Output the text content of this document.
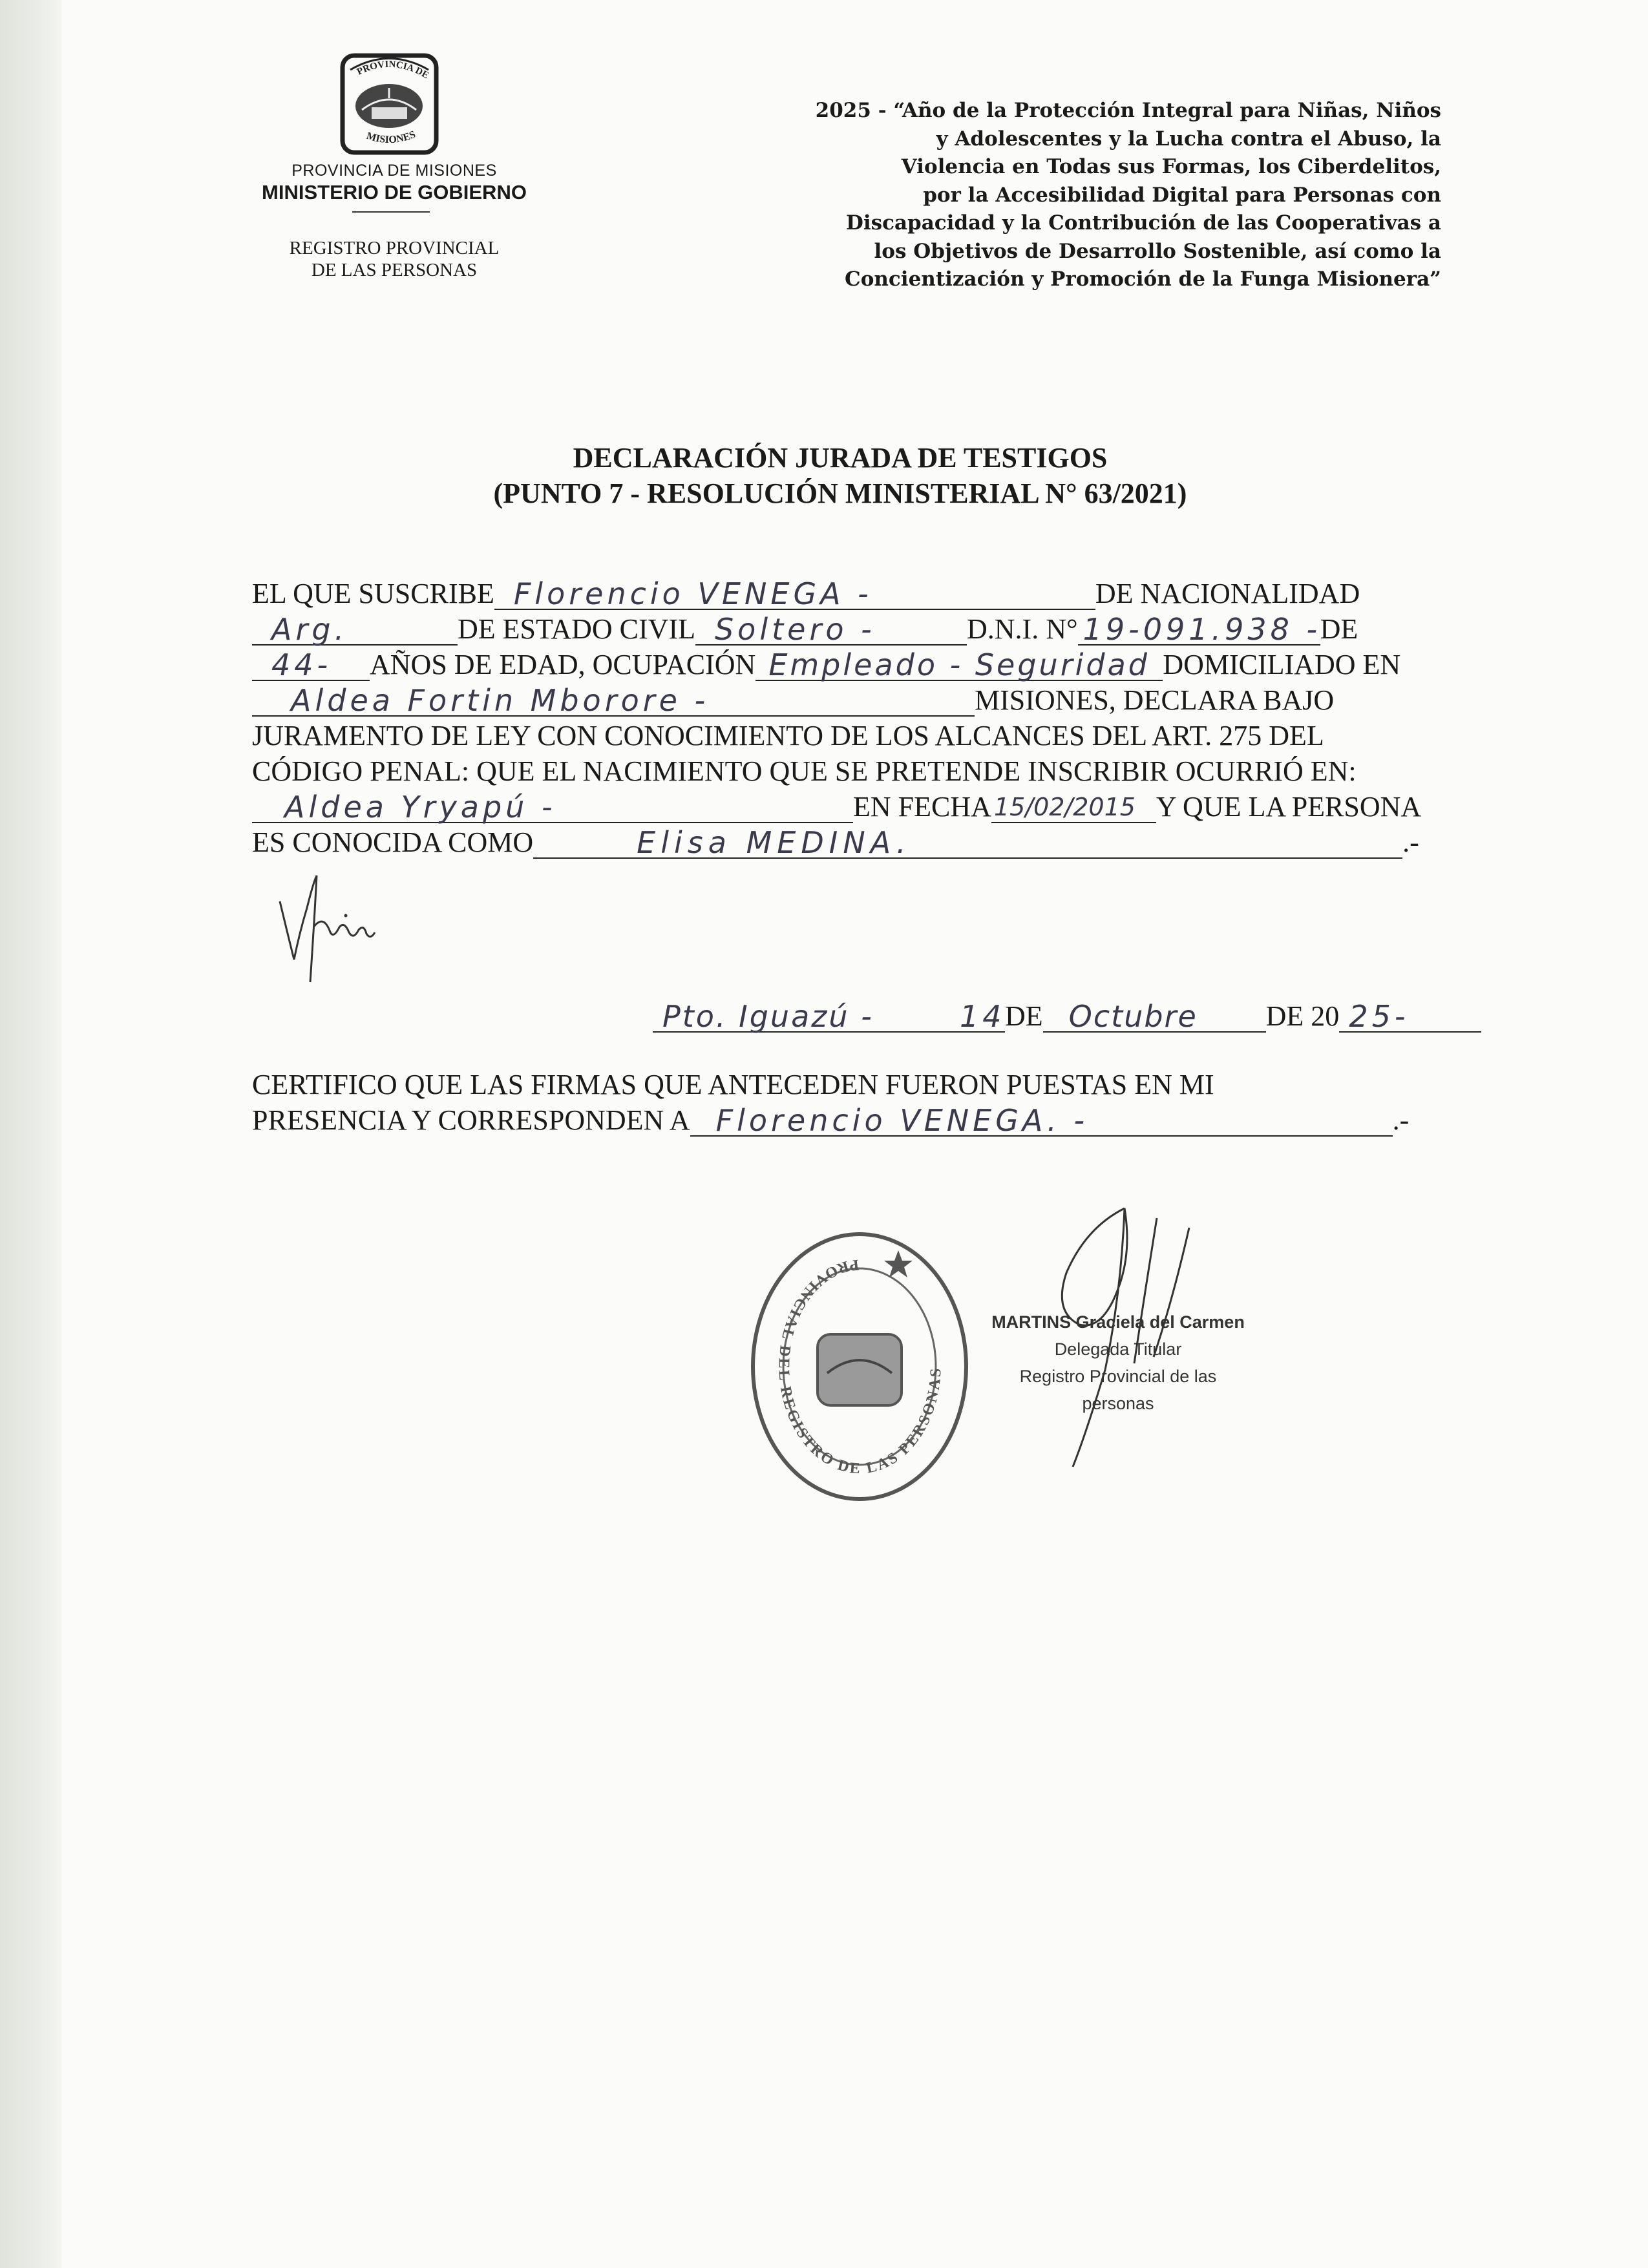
PROVINCIA DE
MISIONES
PROVINCIA DE MISIONES
MINISTERIO DE GOBIERNO
REGISTRO PROVINCIAL
DE LAS PERSONAS
2025 - “Año de la Protección Integral para Niñas, Niños
y Adolescentes y la Lucha contra el Abuso, la
Violencia en Todas sus Formas, los Ciberdelitos,
por la Accesibilidad Digital para Personas con
Discapacidad y la Contribución de las Cooperativas a
los Objetivos de Desarrollo Sostenible, así como la
Concientización y Promoción de la Funga Misionera”
DECLARACIÓN JURADA DE TESTIGOS
(PUNTO 7 - RESOLUCIÓN MINISTERIAL N° 63/2021)
EL QUE SUSCRIBEFlorencio VENEGA -	DE NACIONALIDAD
Arg.	DE ESTADO CIVILSoltero -	D.N.I. N°19-091.938 -DE
44-AÑOS DE EDAD, OCUPACIÓNEmpleado - SeguridadDOMICILIADO EN
Aldea Fortin Mborore -	MISIONES, DECLARA BAJO
JURAMENTO DE LEY CON CONOCIMIENTO DE LOS ALCANCES DEL ART. 275 DEL
CÓDIGO PENAL: QUE EL NACIMIENTO QUE SE PRETENDE INSCRIBIR OCURRIÓ EN:
Aldea Yryapú -	EN FECHA15/02/2015Y QUE LA PERSONA
ES CONOCIDA COMO	Elisa MEDINA.	.-
Pto. Iguazú -	14DEOctubreDE 20 25-
CERTIFICO QUE LAS FIRMAS QUE ANTECEDEN FUERON PUESTAS EN MI
PRESENCIA Y CORRESPONDEN AFlorencio VENEGA. -	.-
PROVINCIAL DEL REGISTRO DE LAS PERSONAS
MARTINS Graciela del Carmen
Delegada Titular
Registro Provincial de las personas
